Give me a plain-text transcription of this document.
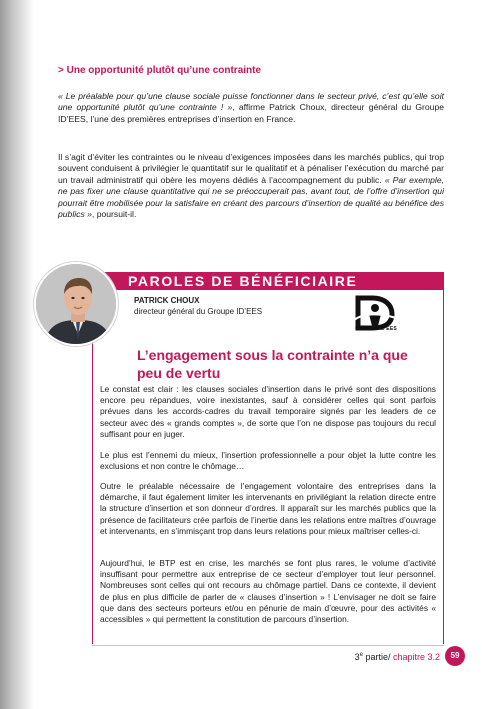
> Une opportunité plutôt qu’une contrainte
« Le préalable pour qu’une clause sociale puisse fonctionner dans le secteur privé, c’est qu’elle soit une opportunité plutôt qu’une contrainte ! », affirme Patrick Choux, directeur général du Groupe ID’EES, l’une des premières entreprises d’insertion en France.
Il s’agit d’éviter les contraintes ou le niveau d’exigences imposées dans les marchés publics, qui trop souvent conduisent à privilégier le quantitatif sur le qualitatif et à pénaliser l’exécution du marché par un travail administratif qui obère les moyens dédiés à l’accompagnement du public. « Par exemple, ne pas fixer une clause quantitative qui ne se préoccuperait pas, avant tout, de l’offre d’insertion qui pourrait être mobilisée pour la satisfaire en créant des parcours d’insertion de qualité au bénéfice des publics », poursuit-il.
PAROLES DE BÉNÉFICIAIRE
PATRICK CHOUX
directeur général du Groupe ID’EES
GROUPE ID'EES
L’engagement sous la contrainte n’a que peu de vertu
Le constat est clair : les clauses sociales d’insertion dans le privé sont des dispositions encore peu répandues, voire inexistantes, sauf à considérer celles qui sont parfois prévues dans les accords-cadres du travail temporaire signés par les leaders de ce secteur avec des « grands comptes », de sorte que l’on ne dispose pas toujours du recul suffisant pour en juger.
Le plus est l’ennemi du mieux, l’insertion professionnelle a pour objet la lutte contre les exclusions et non contre le chômage…
Outre le préalable nécessaire de l’engagement volontaire des entreprises dans la démarche, il faut également limiter les intervenants en privilégiant la relation directe entre la structure d’insertion et son donneur d’ordres. Il apparaît sur les marchés publics que la présence de facilitateurs crée parfois de l’inertie dans les relations entre maîtres d’ouvrage et intervenants, en s’immisçant trop dans leurs relations pour mieux maîtriser celles-ci.
Aujourd’hui, le BTP est en crise, les marchés se font plus rares, le volume d’activité insuffisant pour permettre aux entreprise de ce secteur d’employer tout leur personnel. Nombreuses sont celles qui ont recours au chômage partiel. Dans ce contexte, il devient de plus en plus difficile de parler de « clauses d’insertion » ! L’envisager ne doit se faire que dans des secteurs porteurs et/ou en pénurie de main d’œuvre, pour des activités « accessibles » qui permettent la constitution de parcours d’insertion.
3e partie/ chapitre 3.2	59
